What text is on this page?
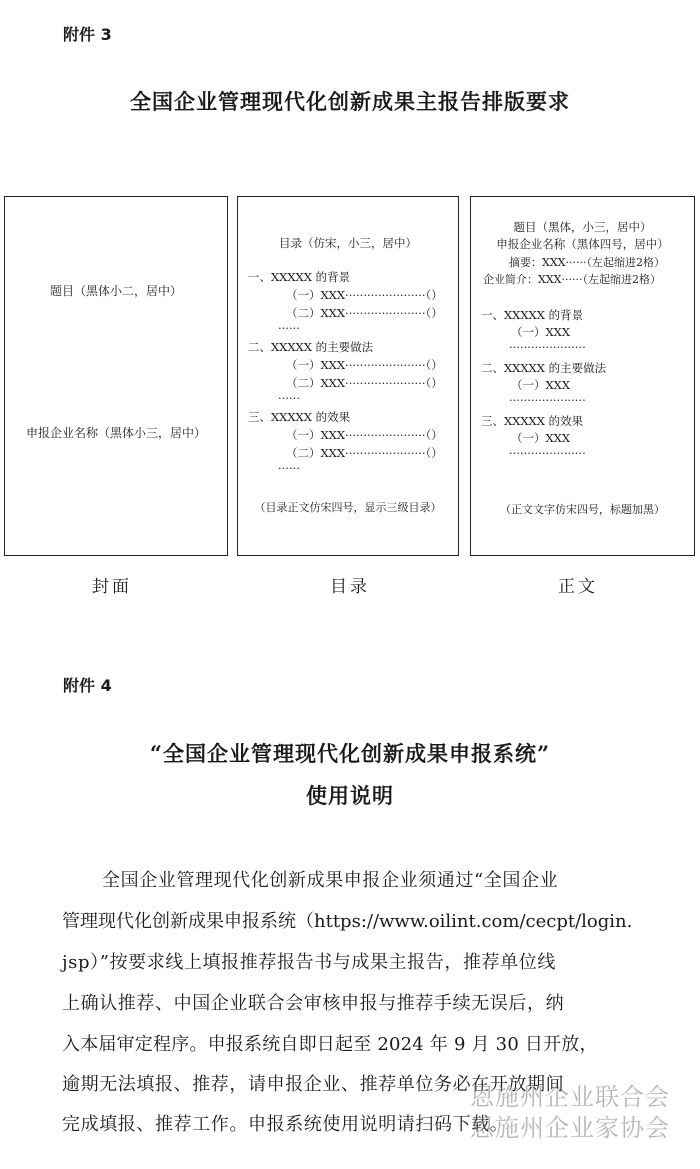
附件 3
全国企业管理现代化创新成果主报告排版要求
题目（黑体小二，居中）
申报企业名称（黑体小三，居中）
封面
目录（仿宋，小三，居中）
一、XXXXX 的背景
（一）XXX······················（）
（二）XXX······················（）
······
二、XXXXX 的主要做法
（一）XXX······················（）
（二）XXX······················（）
······
三、XXXXX 的效果
（一）XXX······················（）
（二）XXX······················（）
······
（目录正文仿宋四号，显示三级目录）
目录
题目（黑体，小三，居中）
申报企业名称（黑体四号，居中）
摘要：XXX······（左起缩进2格）
企业简介：XXX······（左起缩进2格）
一、XXXXX 的背景
（一）XXX
·····················
二、XXXXX 的主要做法
（一）XXX
·····················
三、XXXXX 的效果
（一）XXX
·····················
（正文文字仿宋四号，标题加黑）
正文
附件 4
“全国企业管理现代化创新成果申报系统”
使用说明
全国企业管理现代化创新成果申报企业须通过“全国企业
管理现代化创新成果申报系统（https://www.oilint.com/cecpt/login.
jsp）”按要求线上填报推荐报告书与成果主报告，推荐单位线
上确认推荐、中国企业联合会审核申报与推荐手续无误后，纳
入本届审定程序。申报系统自即日起至 2024 年 9 月 30 日开放，
逾期无法填报、推荐，请申报企业、推荐单位务必在开放期间
完成填报、推荐工作。申报系统使用说明请扫码下载。
恩施州企业联合会
恩施州企业家协会
